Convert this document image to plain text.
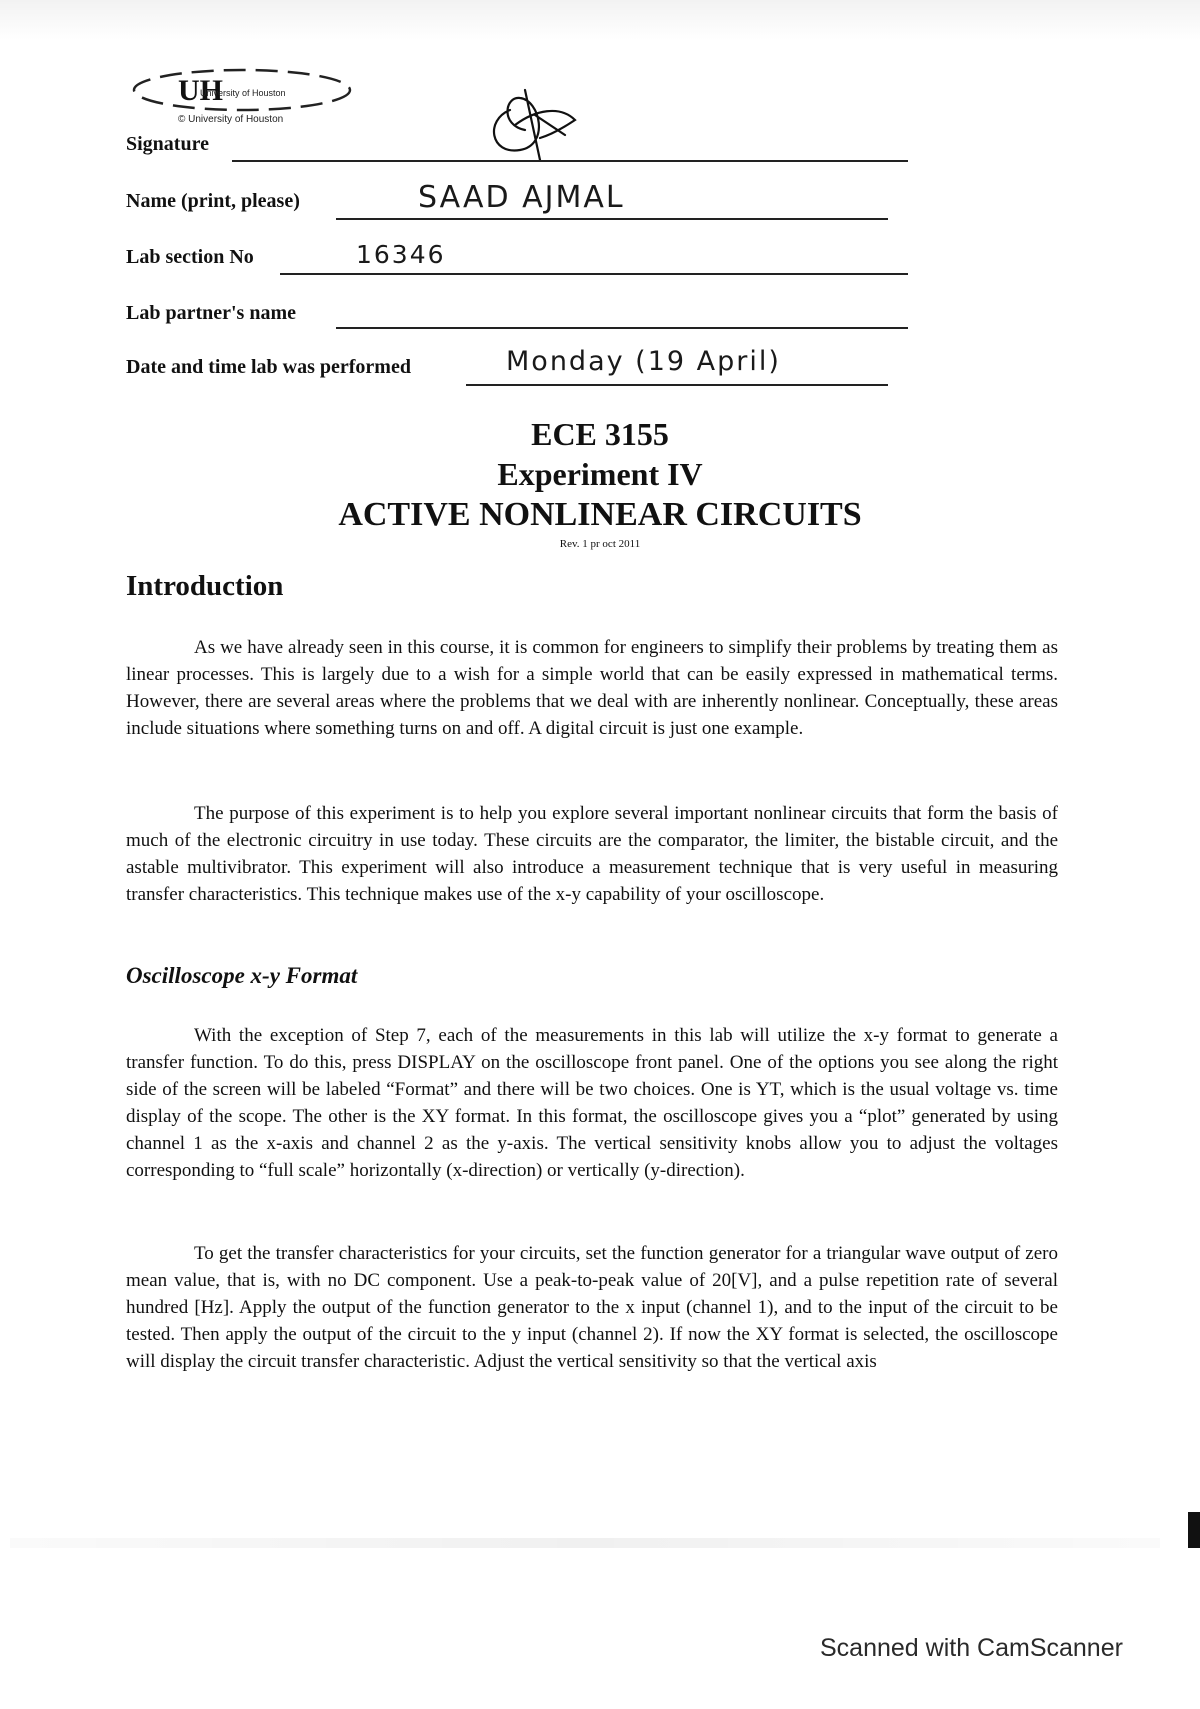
UH
University of Houston
© University of Houston
Signature
Name (print, please)	SAAD AJMAL
Lab section No	16346
Lab partner's name
Date and time lab was performed	Monday (19 April)
ECE 3155
Experiment IV
ACTIVE NONLINEAR CIRCUITS
Rev. 1 pr oct 2011
Introduction

As we have already seen in this course, it is common for engineers to simplify their problems by treating them as linear processes. This is largely due to a wish for a simple world that can be easily expressed in mathematical terms. However, there are several areas where the problems that we deal with are inherently nonlinear. Conceptually, these areas include situations where something turns on and off. A digital circuit is just one example.

The purpose of this experiment is to help you explore several important nonlinear circuits that form the basis of much of the electronic circuitry in use today. These circuits are the comparator, the limiter, the bistable circuit, and the astable multivibrator. This experiment will also introduce a measurement technique that is very useful in measuring transfer characteristics. This technique makes use of the x-y capability of your oscilloscope.

Oscilloscope x-y Format

With the exception of Step 7, each of the measurements in this lab will utilize the x-y format to generate a transfer function. To do this, press DISPLAY on the oscilloscope front panel. One of the options you see along the right side of the screen will be labeled “Format” and there will be two choices. One is YT, which is the usual voltage vs. time display of the scope. The other is the XY format. In this format, the oscilloscope gives you a “plot” generated by using channel 1 as the x-axis and channel 2 as the y-axis. The vertical sensitivity knobs allow you to adjust the voltages corresponding to “full scale” horizontally (x-direction) or vertically (y-direction).

To get the transfer characteristics for your circuits, set the function generator for a triangular wave output of zero mean value, that is, with no DC component. Use a peak-to-peak value of 20[V], and a pulse repetition rate of several hundred [Hz]. Apply the output of the function generator to the x input (channel 1), and to the input of the circuit to be tested. Then apply the output of the circuit to the y input (channel 2). If now the XY format is selected, the oscilloscope will display the circuit transfer characteristic. Adjust the vertical sensitivity so that the vertical axis

Scanned with CamScanner
